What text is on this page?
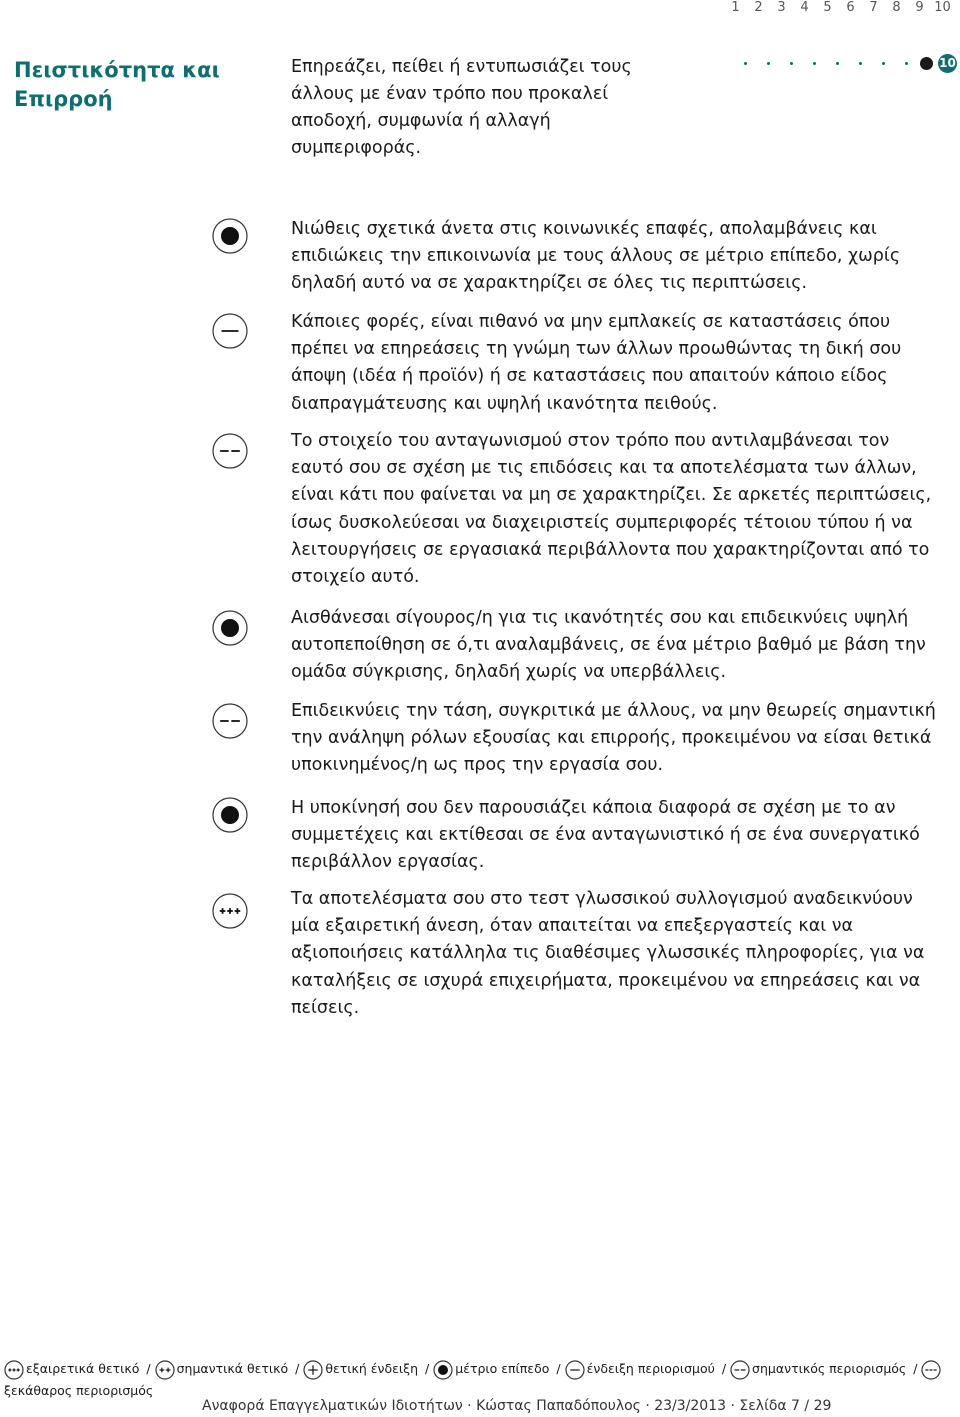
1 2 3 4 5 6 7 8 9 10
Πειστικότητα και Επιρροή
Επηρεάζει, πείθει ή εντυπωσιάζει τους άλλους με έναν τρόπο που προκαλεί αποδοχή, συμφωνία ή αλλαγή συμπεριφοράς.
10
Νιώθεις σχετικά άνετα στις κοινωνικές επαφές, απολαμβάνεις και επιδιώκεις την επικοινωνία με τους άλλους σε μέτριο επίπεδο, χωρίς δηλαδή αυτό να σε χαρακτηρίζει σε όλες τις περιπτώσεις.
Κάποιες φορές, είναι πιθανό να μην εμπλακείς σε καταστάσεις όπου πρέπει να επηρεάσεις τη γνώμη των άλλων προωθώντας τη δική σου άποψη (ιδέα ή προϊόν) ή σε καταστάσεις που απαιτούν κάποιο είδος διαπραγμάτευσης και υψηλή ικανότητα πειθούς.
Το στοιχείο του ανταγωνισμού στον τρόπο που αντιλαμβάνεσαι τον εαυτό σου σε σχέση με τις επιδόσεις και τα αποτελέσματα των άλλων, είναι κάτι που φαίνεται να μη σε χαρακτηρίζει. Σε αρκετές περιπτώσεις, ίσως δυσκολεύεσαι να διαχειριστείς συμπεριφορές τέτοιου τύπου ή να λειτουργήσεις σε εργασιακά περιβάλλοντα που χαρακτηρίζονται από το στοιχείο αυτό.
Αισθάνεσαι σίγουρος/η για τις ικανότητές σου και επιδεικνύεις υψηλή αυτοπεποίθηση σε ό,τι αναλαμβάνεις, σε ένα μέτριο βαθμό με βάση την ομάδα σύγκρισης, δηλαδή χωρίς να υπερβάλλεις.
Επιδεικνύεις την τάση, συγκριτικά με άλλους, να μην θεωρείς σημαντική την ανάληψη ρόλων εξουσίας και επιρροής, προκειμένου να είσαι θετικά υποκινημένος/η ως προς την εργασία σου.
Η υποκίνησή σου δεν παρουσιάζει κάποια διαφορά σε σχέση με το αν συμμετέχεις και εκτίθεσαι σε ένα ανταγωνιστικό ή σε ένα συνεργατικό περιβάλλον εργασίας.
Τα αποτελέσματα σου στο τεστ γλωσσικού συλλογισμού αναδεικνύουν μία εξαιρετική άνεση, όταν απαιτείται να επεξεργαστείς και να αξιοποιήσεις κατάλληλα τις διαθέσιμες γλωσσικές πληροφορίες, για να καταλήξεις σε ισχυρά επιχειρήματα, προκειμένου να επηρεάσεις και να πείσεις.
εξαιρετικά θετικό / σημαντικά θετικό / θετική ένδειξη / μέτριο επίπεδο / ένδειξη περιορισμού / σημαντικός περιορισμός /ξεκάθαρος περιορισμός
Αναφορά Επαγγελματικών Ιδιοτήτων · Κώστας Παπαδόπουλος · 23/3/2013 · Σελίδα 7 / 29
